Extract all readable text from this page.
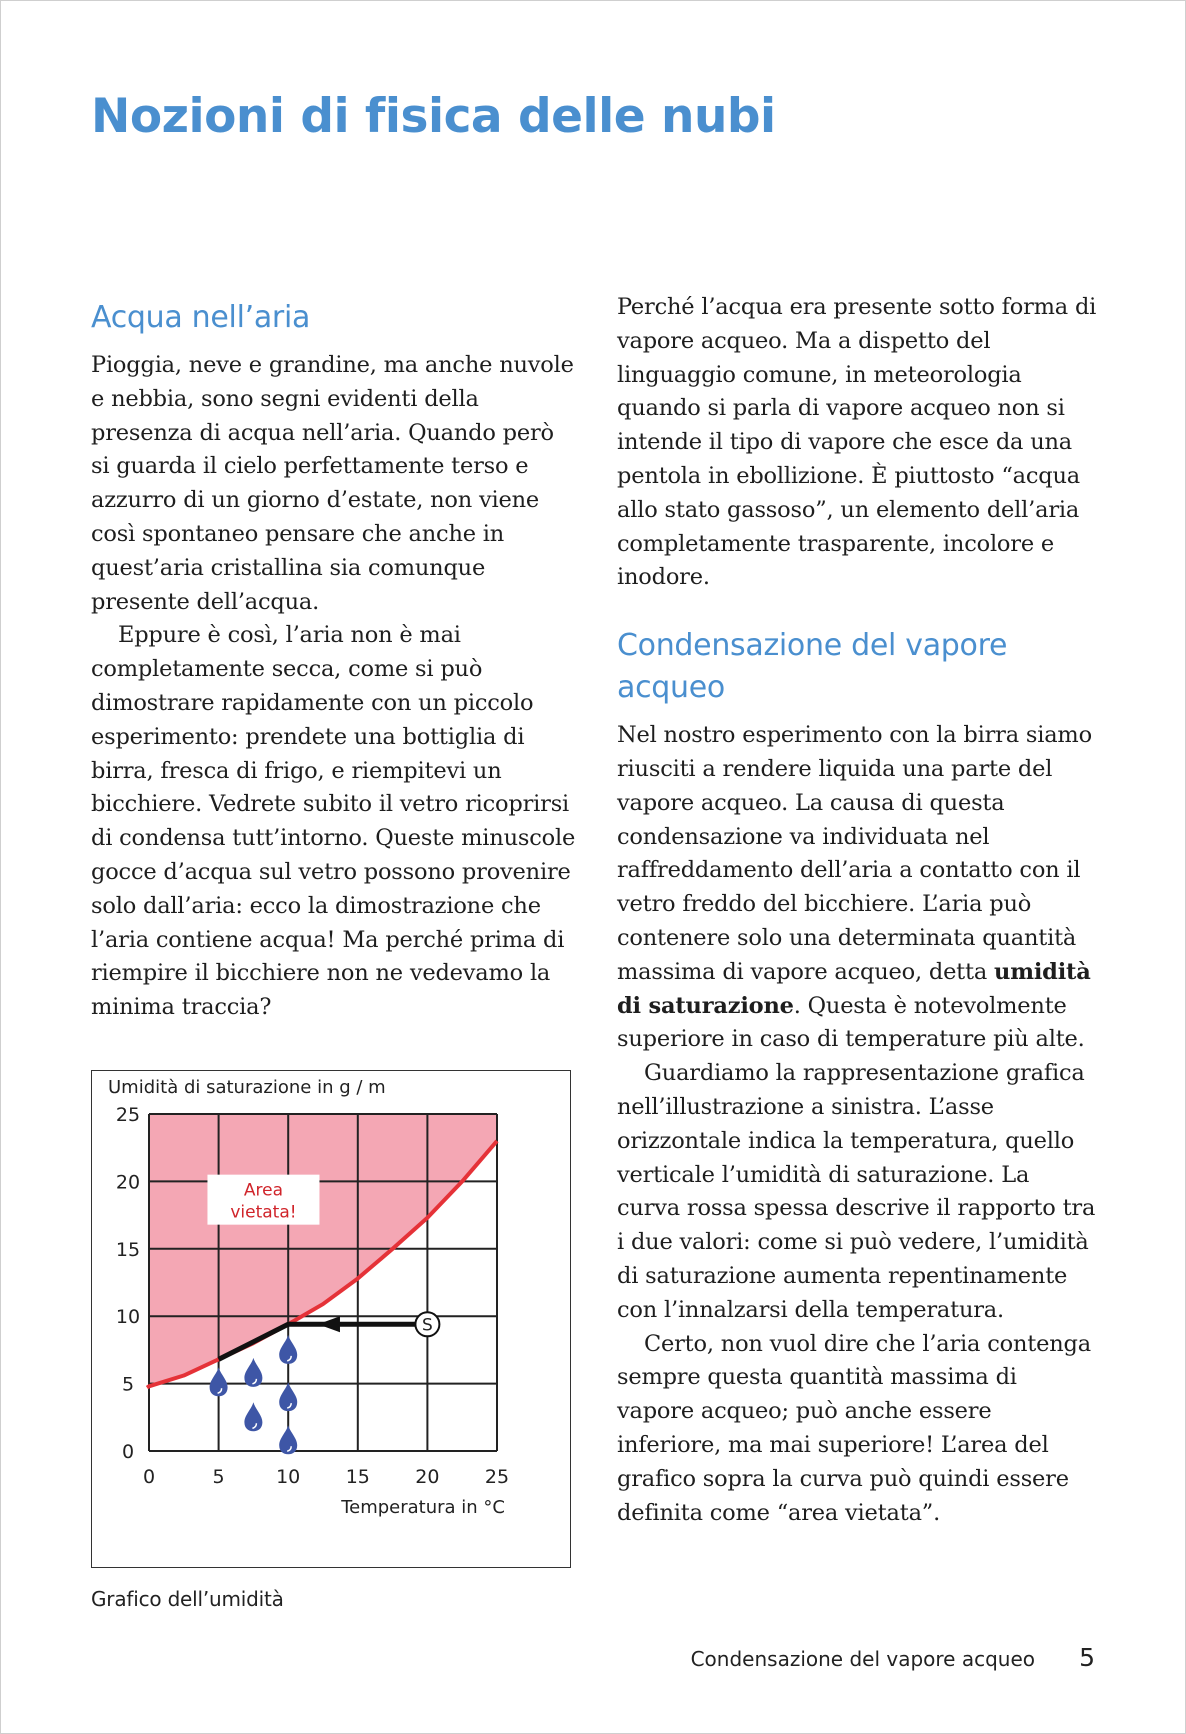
Nozioni di fisica delle nubi
Acqua nell’aria

Pioggia, neve e grandine, ma anche nuvole e nebbia, sono segni evidenti della presenza di acqua nell’aria. Quando però si guarda il cielo perfettamente terso e azzurro di un giorno d’estate, non viene così spontaneo pensare che anche in quest’aria cristallina sia comunque presente dell’acqua.

Eppure è così, l’aria non è mai completamente secca, come si può dimostrare rapidamente con un piccolo esperimento: prendete una bottiglia di birra, fresca di frigo, e riempitevi un bicchiere. Vedrete subito il vetro ricoprirsi di condensa tutt’intorno. Queste minuscole gocce d’acqua sul vetro possono provenire solo dall’aria: ecco la dimostrazione che l’aria contiene acqua! Ma perché prima di riempire il bicchiere non ne vedevamo la minima traccia?

0	5	10 15 20 25
0
5
10
15
20
25
Umidità di saturazione in g / m
Temperatura in °C
S
Area
vietata!

Grafico dell’umidità

Perché l’acqua era presente sotto forma di vapore acqueo. Ma a dispetto del linguaggio comune, in meteorologia quando si parla di vapore acqueo non si intende il tipo di vapore che esce da una pentola in ebollizione. È piuttosto “acqua allo stato gassoso”, un elemento dell’aria completamente trasparente, incolore e inodore.

Condensazione del vapore acqueo

Nel nostro esperimento con la birra siamo riusciti a rendere liquida una parte del vapore acqueo. La causa di questa condensazione va individuata nel raffreddamento dell’aria a contatto con il vetro freddo del bicchiere. L’aria può contenere solo una determinata quantità massima di vapore acqueo, detta umidità di saturazione. Questa è notevolmente superiore in caso di temperature più alte.

Guardiamo la rappresentazione grafica nell’illustrazione a sinistra. L’asse orizzontale indica la temperatura, quello verticale l’umidità di saturazione. La curva rossa spessa descrive il rapporto tra i due valori: come si può vedere, l’umidità di saturazione aumenta repentinamente con l’innalzarsi della temperatura.

Certo, non vuol dire che l’aria contenga sempre questa quantità massima di vapore acqueo; può anche essere inferiore, ma mai superiore! L’area del grafico sopra la curva può quindi essere definita come “area vietata”.

Condensazione del vapore acqueo 5
